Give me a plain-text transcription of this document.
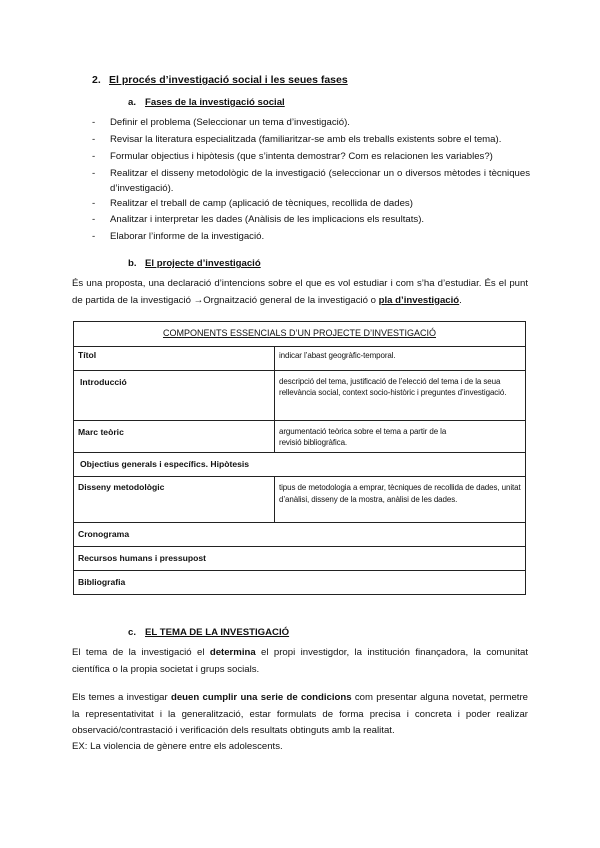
2. El procés d’investigació social i les seues fases
a. Fases de la investigació social
- Definir el problema (Seleccionar un tema d’investigació).
- Revisar la literatura especialitzada (familiaritzar-se amb els treballs existents sobre el tema).
- Formular objectius i hipòtesis (que s’intenta demostrar? Com es relacionen les variables?)
- Realitzar el disseny metodològic de la investigació (seleccionar un o diversos mètodes i tècniques d’investigació).
- Realitzar el treball de camp (aplicació de tècniques, recollida de dades)
- Analitzar i interpretar les dades (Anàlisis de les implicacions els resultats).
- Elaborar l’informe de la investigació.
b. El projecte d’investigació
És una proposta, una declaració d’intencions sobre el que es vol estudiar i com s’ha d’estudiar. És el punt de partida de la investigació →Orgnaització general de la investigació o pla d’investigació.
COMPONENTS ESSENCIALS D’UN PROJECTE D’INVESTIGACIÓ	
Títol	indicar l’abast geogràfic-temporal.
Introducció	descripció del tema, justificació de l’elecció del tema i de la seua rellevància social, context socio-històric i preguntes d’investigació.
Marc teòric	argumentació teòrica sobre el tema a partir de la revisió bibliogràfica.
Objectius generals i específics. Hipòtesis	
Disseny metodològic	tipus de metodologia a emprar, tècniques de recollida de dades, unitat d’anàlisi, disseny de la mostra, anàlisi de les dades.
Cronograma	
Recursos humans i pressupost	
Bibliografia	
c. EL TEMA DE LA INVESTIGACIÓ
El tema de la investigació el determina el propi investigdor, la institución finançadora, la comunitat científica o la propia societat i grups socials.
Els temes a investigar deuen cumplir una serie de condicions com presentar alguna novetat, permetre la representativitat i la generalització, estar formulats de forma precisa i concreta i poder realizar observació/contrastació i verificación dels resultats obtinguts amb la realitat.
EX: La violencia de gènere entre els adolescents.
